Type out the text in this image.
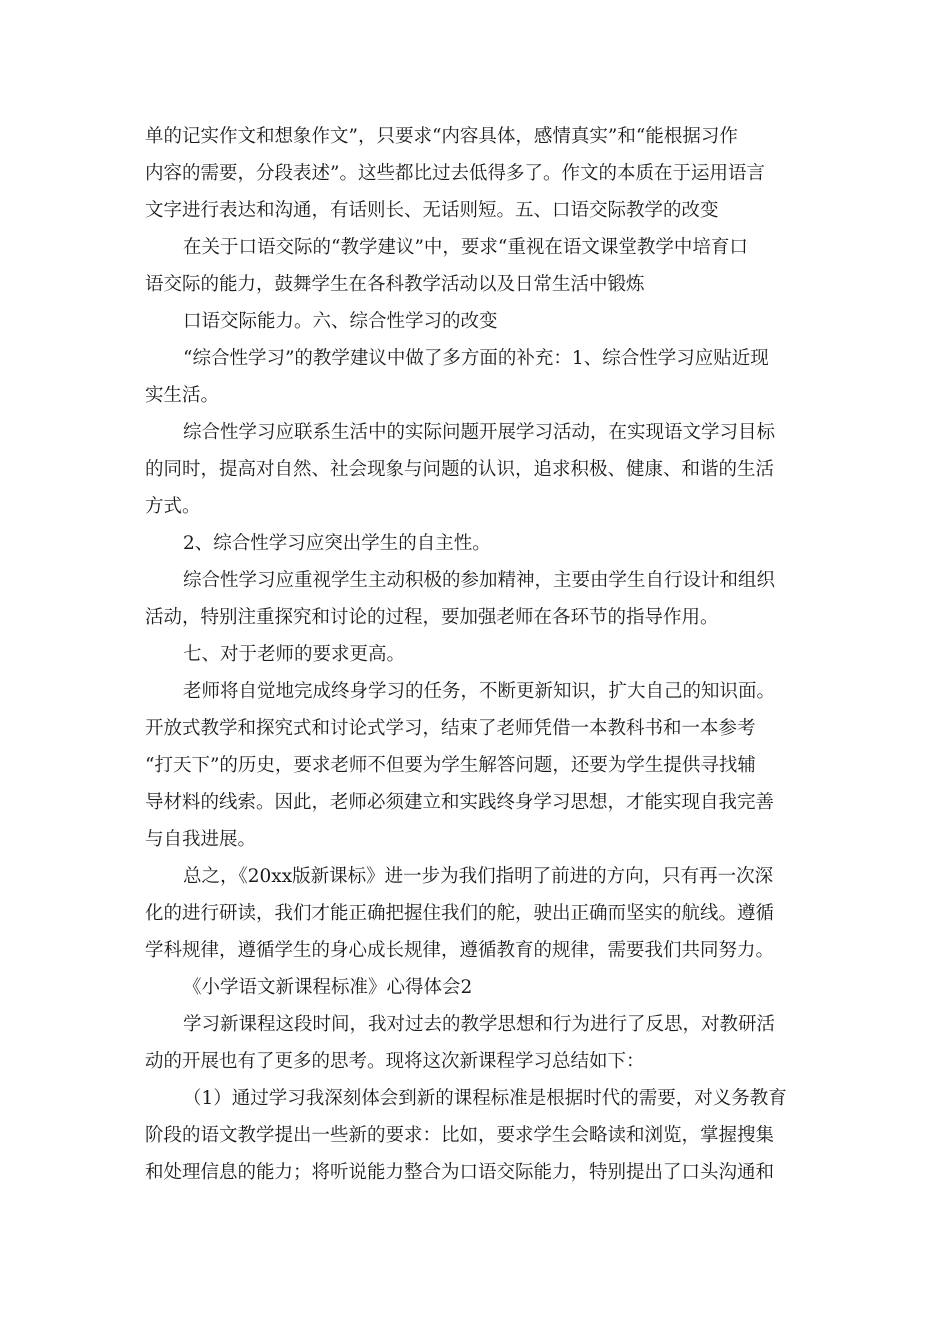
单的记实作文和想象作文”，只要求“内容具体，感情真实”和“能根据习作
内容的需要，分段表述”。这些都比过去低得多了。作文的本质在于运用语言
文字进行表达和沟通，有话则长、无话则短。五、口语交际教学的改变
在关于口语交际的“教学建议”中，要求“重视在语文课堂教学中培育口
语交际的能力，鼓舞学生在各科教学活动以及日常生活中锻炼
口语交际能力。六、综合性学习的改变
“综合性学习”的教学建议中做了多方面的补充：1、综合性学习应贴近现
实生活。
综合性学习应联系生活中的实际问题开展学习活动，在实现语文学习目标
的同时，提高对自然、社会现象与问题的认识，追求积极、健康、和谐的生活
方式。
2、综合性学习应突出学生的自主性。
综合性学习应重视学生主动积极的参加精神，主要由学生自行设计和组织
活动，特别注重探究和讨论的过程，要加强老师在各环节的指导作用。
七、对于老师的要求更高。
老师将自觉地完成终身学习的任务，不断更新知识，扩大自己的知识面。
开放式教学和探究式和讨论式学习，结束了老师凭借一本教科书和一本参考
“打天下”的历史，要求老师不但要为学生解答问题，还要为学生提供寻找辅
导材料的线索。因此，老师必须建立和实践终身学习思想，才能实现自我完善
与自我进展。
总之，《20xx版新课标》进一步为我们指明了前进的方向，只有再一次深
化的进行研读，我们才能正确把握住我们的舵，驶出正确而坚实的航线。遵循
学科规律，遵循学生的身心成长规律，遵循教育的规律，需要我们共同努力。
《小学语文新课程标准》心得体会2
学习新课程这段时间，我对过去的教学思想和行为进行了反思，对教研活
动的开展也有了更多的思考。现将这次新课程学习总结如下：
（1）通过学习我深刻体会到新的课程标准是根据时代的需要，对义务教育
阶段的语文教学提出一些新的要求：比如，要求学生会略读和浏览，掌握搜集
和处理信息的能力；将听说能力整合为口语交际能力，特别提出了口头沟通和
